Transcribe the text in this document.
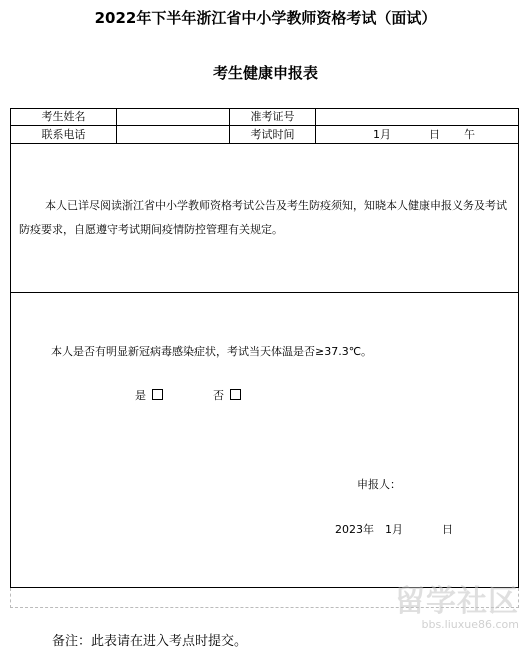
2022年下半年浙江省中小学教师资格考试（面试）
考生健康申报表
考生姓名	准考证号
联系电话	考试时间	1月	日 午
本人已详尽阅读浙江省中小学教师资格考试公告及考生防疫须知，知晓本人健康申报义务及考试防疫要求，自愿遵守考试期间疫情防控管理有关规定。
本人是否有明显新冠病毒感染症状，考试当天体温是否≥37.3℃。
是	否
申报人：
2023年 1月	日
留学社区
bbs.liuxue86.com
备注：此表请在进入考点时提交。
